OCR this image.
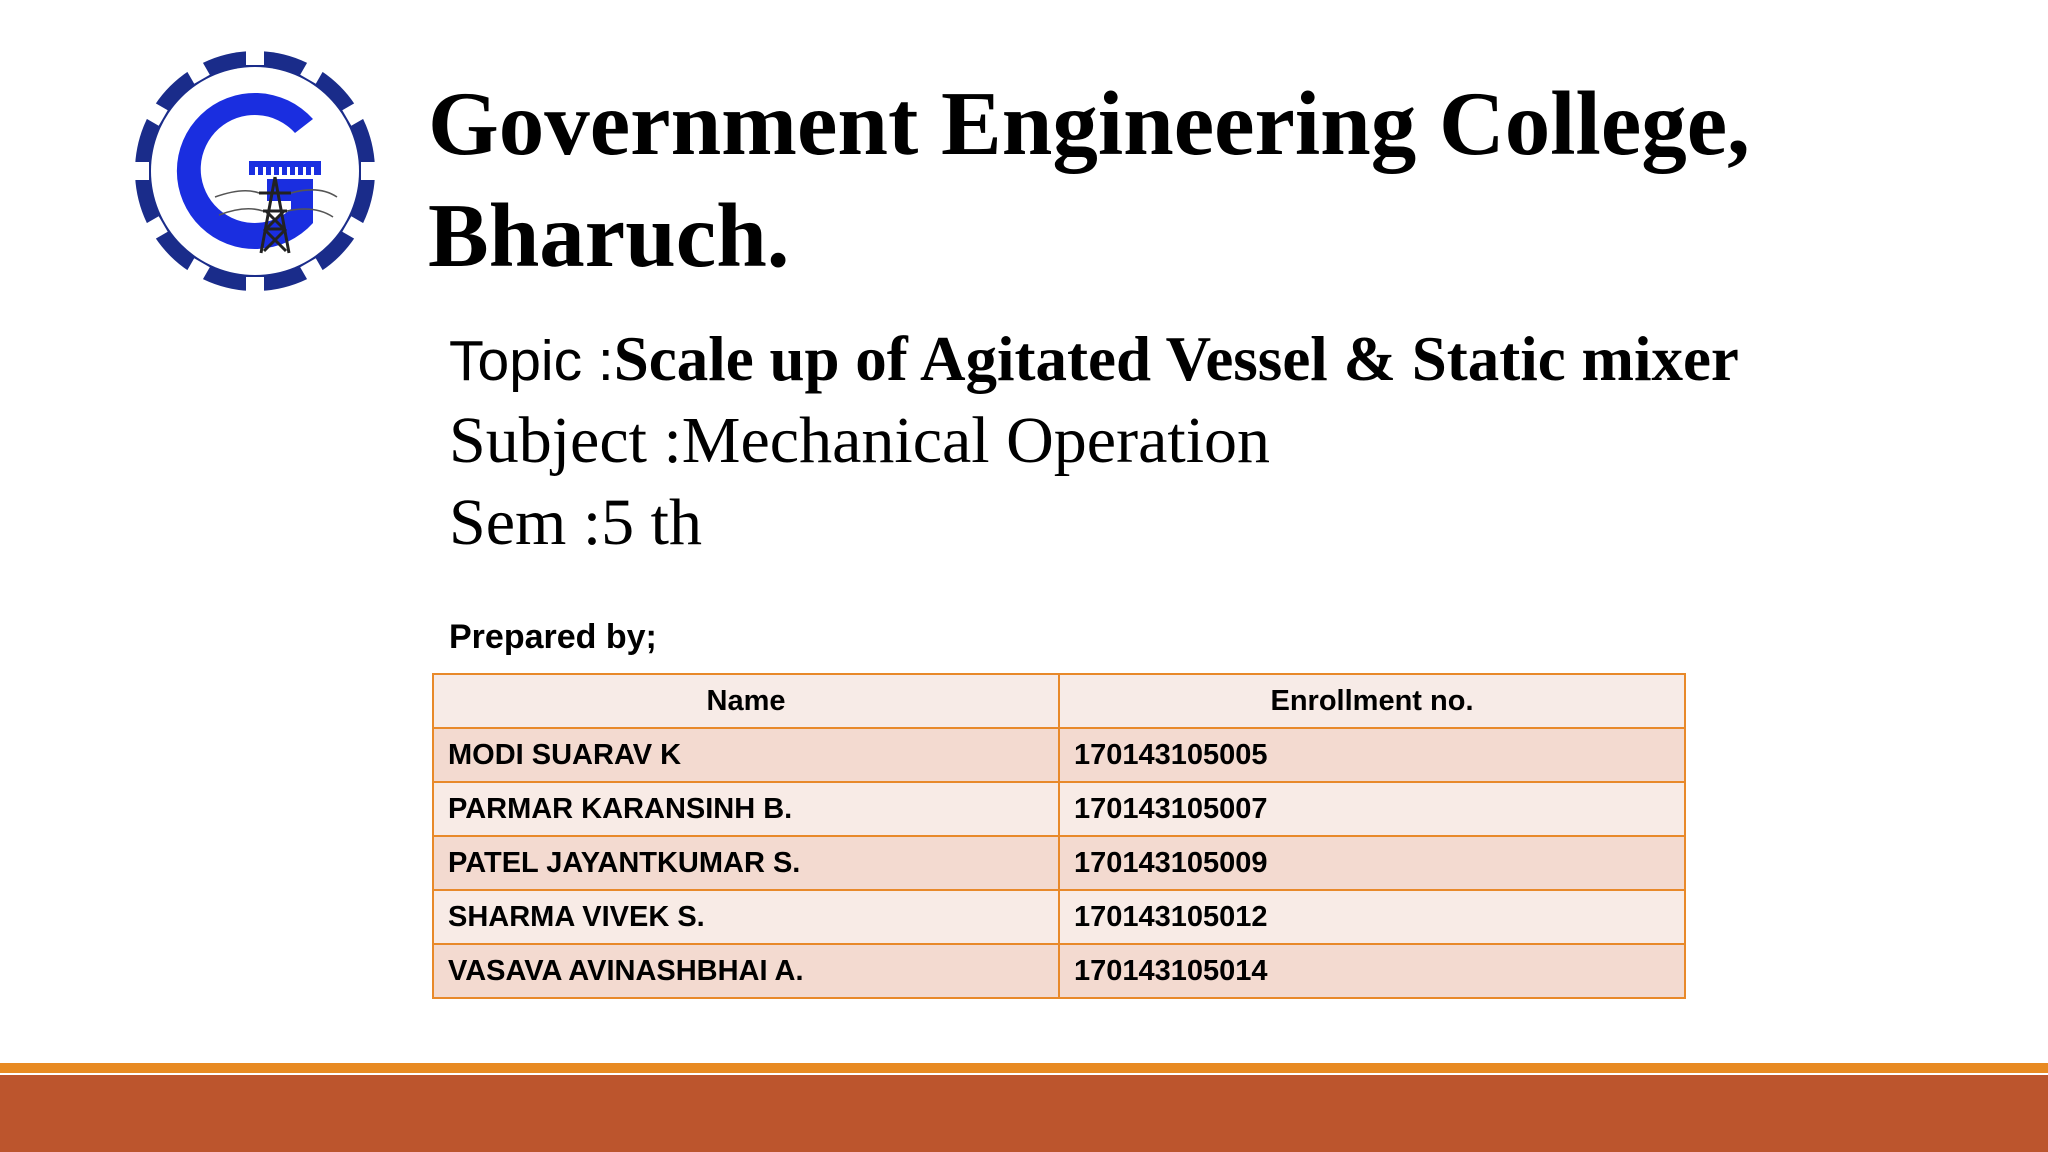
Government Engineering College,
Bharuch.
Topic :Scale up of Agitated Vessel & Static mixer
Subject :Mechanical Operation
Sem :5 th
Prepared by;
Name	Enrollment no.
MODI SUARAV K	170143105005
PARMAR KARANSINH B.	170143105007
PATEL JAYANTKUMAR S.	170143105009
SHARMA VIVEK S.	170143105012
VASAVA AVINASHBHAI A.	170143105014
